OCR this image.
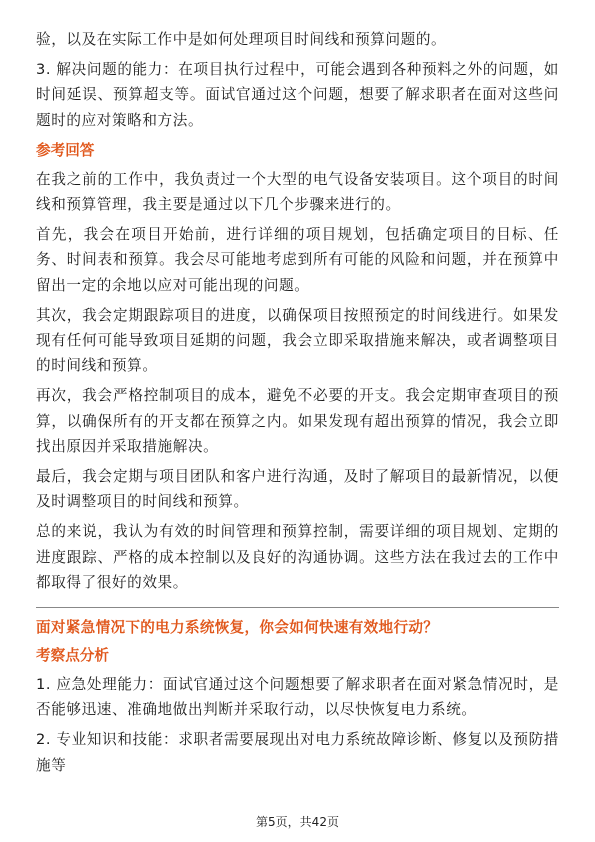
验，以及在实际工作中是如何处理项目时间线和预算问题的。

3. 解决问题的能力：在项目执行过程中，可能会遇到各种预料之外的问题，如时间延误、预算超支等。面试官通过这个问题，想要了解求职者在面对这些问题时的应对策略和方法。

参考回答

在我之前的工作中，我负责过一个大型的电气设备安装项目。这个项目的时间线和预算管理，我主要是通过以下几个步骤来进行的。

首先，我会在项目开始前，进行详细的项目规划，包括确定项目的目标、任务、时间表和预算。我会尽可能地考虑到所有可能的风险和问题，并在预算中留出一定的余地以应对可能出现的问题。

其次，我会定期跟踪项目的进度，以确保项目按照预定的时间线进行。如果发现有任何可能导致项目延期的问题，我会立即采取措施来解决，或者调整项目的时间线和预算。

再次，我会严格控制项目的成本，避免不必要的开支。我会定期审查项目的预算，以确保所有的开支都在预算之内。如果发现有超出预算的情况，我会立即找出原因并采取措施解决。

最后，我会定期与项目团队和客户进行沟通，及时了解项目的最新情况，以便及时调整项目的时间线和预算。

总的来说，我认为有效的时间管理和预算控制，需要详细的项目规划、定期的进度跟踪、严格的成本控制以及良好的沟通协调。这些方法在我过去的工作中都取得了很好的效果。

面对紧急情况下的电力系统恢复，你会如何快速有效地行动？
考察点分析

1. 应急处理能力：面试官通过这个问题想要了解求职者在面对紧急情况时，是否能够迅速、准确地做出判断并采取行动，以尽快恢复电力系统。

2. 专业知识和技能：求职者需要展现出对电力系统故障诊断、修复以及预防措施等

第5页，共42页
